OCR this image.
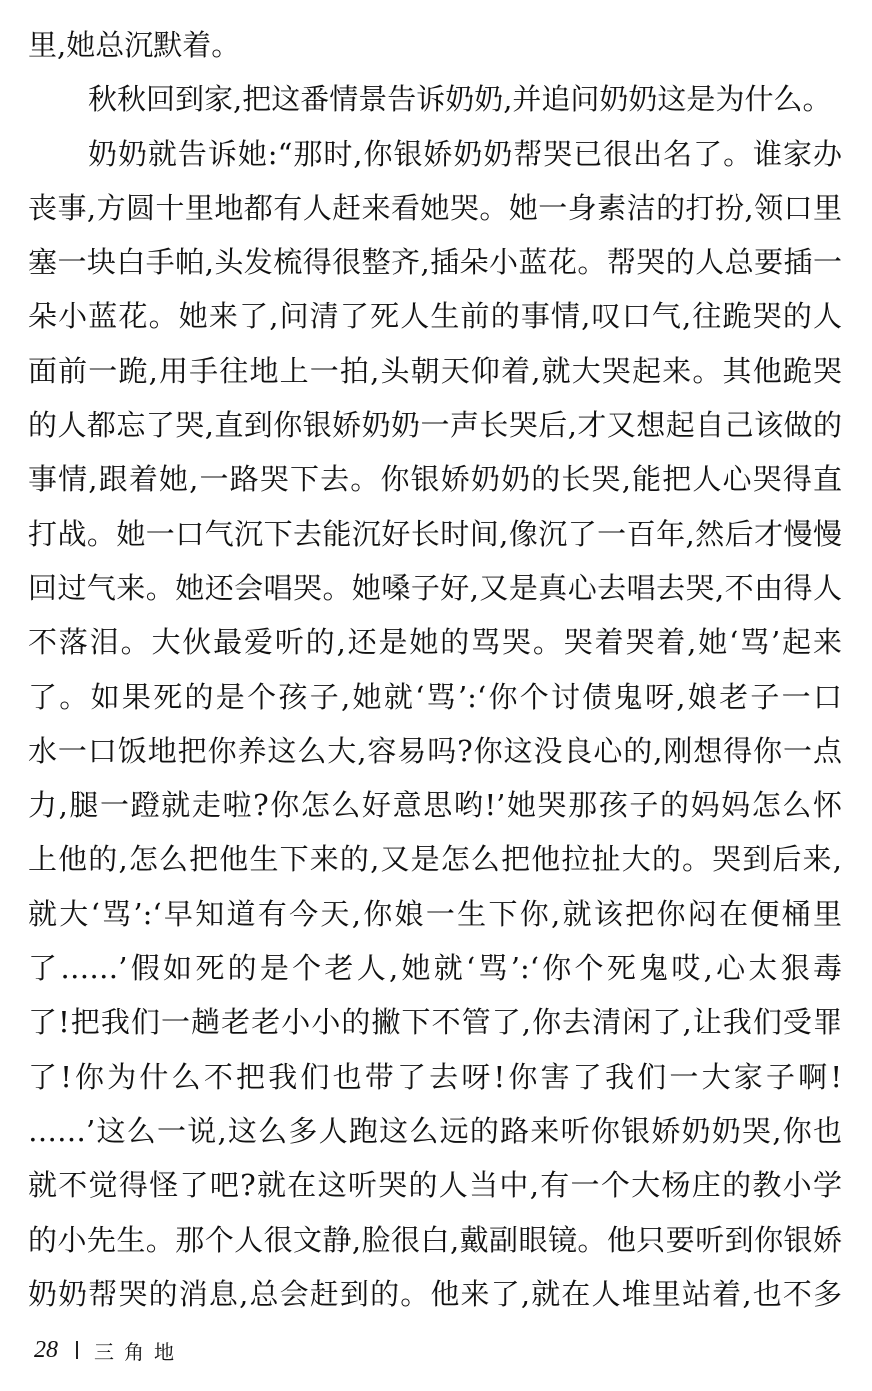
里,她总沉默着。
秋秋回到家,把这番情景告诉奶奶,并追问奶奶这是为什么。
奶奶就告诉她:“那时,你银娇奶奶帮哭已很出名了。谁家办
丧事,方圆十里地都有人赶来看她哭。她一身素洁的打扮,领口里
塞一块白手帕,头发梳得很整齐,插朵小蓝花。帮哭的人总要插一
朵小蓝花。她来了,问清了死人生前的事情,叹口气,往跪哭的人
面前一跪,用手往地上一拍,头朝天仰着,就大哭起来。其他跪哭
的人都忘了哭,直到你银娇奶奶一声长哭后,才又想起自己该做的
事情,跟着她,一路哭下去。你银娇奶奶的长哭,能把人心哭得直
打战。她一口气沉下去能沉好长时间,像沉了一百年,然后才慢慢
回过气来。她还会唱哭。她嗓子好,又是真心去唱去哭,不由得人
不落泪。大伙最爱听的,还是她的骂哭。哭着哭着,她‘骂’起来
了。如果死的是个孩子,她就‘骂’:‘你个讨债鬼呀,娘老子一口
水一口饭地把你养这么大,容易吗?你这没良心的,刚想得你一点
力,腿一蹬就走啦?你怎么好意思哟!’她哭那孩子的妈妈怎么怀
上他的,怎么把他生下来的,又是怎么把他拉扯大的。哭到后来,
就大‘骂’:‘早知道有今天,你娘一生下你,就该把你闷在便桶里
了……’假如死的是个老人,她就‘骂’:‘你个死鬼哎,心太狠毒
了!把我们一趟老老小小的撇下不管了,你去清闲了,让我们受罪
了!你为什么不把我们也带了去呀!你害了我们一大家子啊!
……’这么一说,这么多人跑这么远的路来听你银娇奶奶哭,你也
就不觉得怪了吧?就在这听哭的人当中,有一个大杨庄的教小学
的小先生。那个人很文静,脸很白,戴副眼镜。他只要听到你银娇
奶奶帮哭的消息,总会赶到的。他来了,就在人堆里站着,也不多
28 三角地
